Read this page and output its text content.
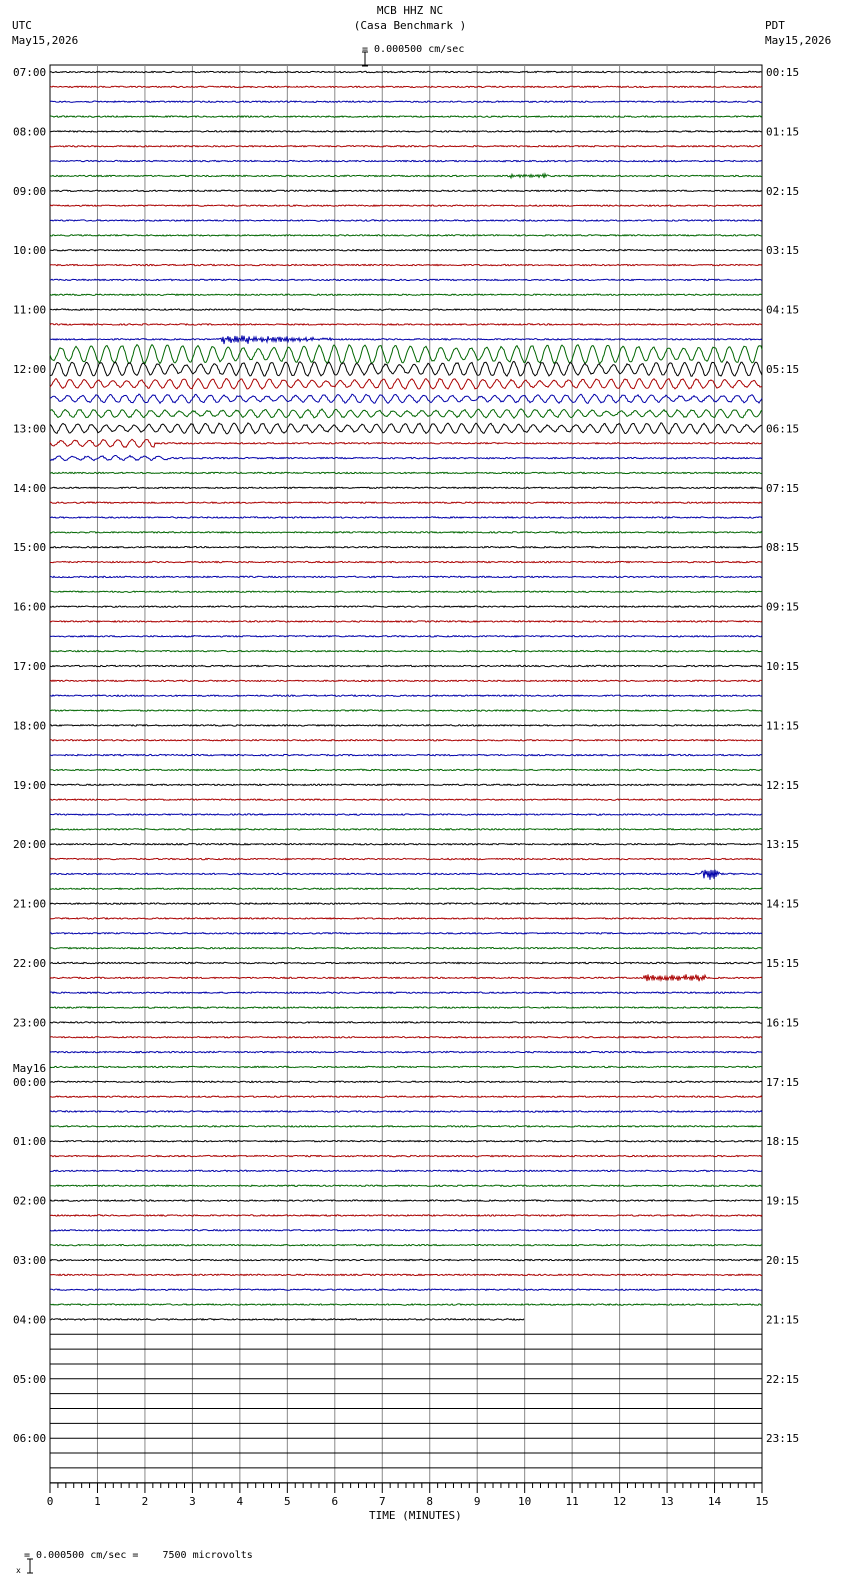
MCB HHZ NC
(Casa Benchmark )

= 0.000500 cm/sec
UTC
May15,2026
PDT
May15,2026
0	1	2	3	4	5	6	7	8	9	10	11	12	13	14	15
07:00
08:00
09:00
10:00
11:00
12:00
13:00
14:00
15:00
16:00
17:00
18:00
19:00
20:00
21:00
22:00
23:00
00:00
01:00
02:00
03:00
04:00
05:00
06:00
00:15
01:15
02:15
03:15
04:15
05:15
06:15
07:15
08:15
09:15
10:15
11:15
12:15
13:15
14:15
15:15
16:15
17:15
18:15
19:15
20:15
21:15
22:15
23:15
May16
TIME (MINUTES)

x

= 0.000500 cm/sec =    7500 microvolts
